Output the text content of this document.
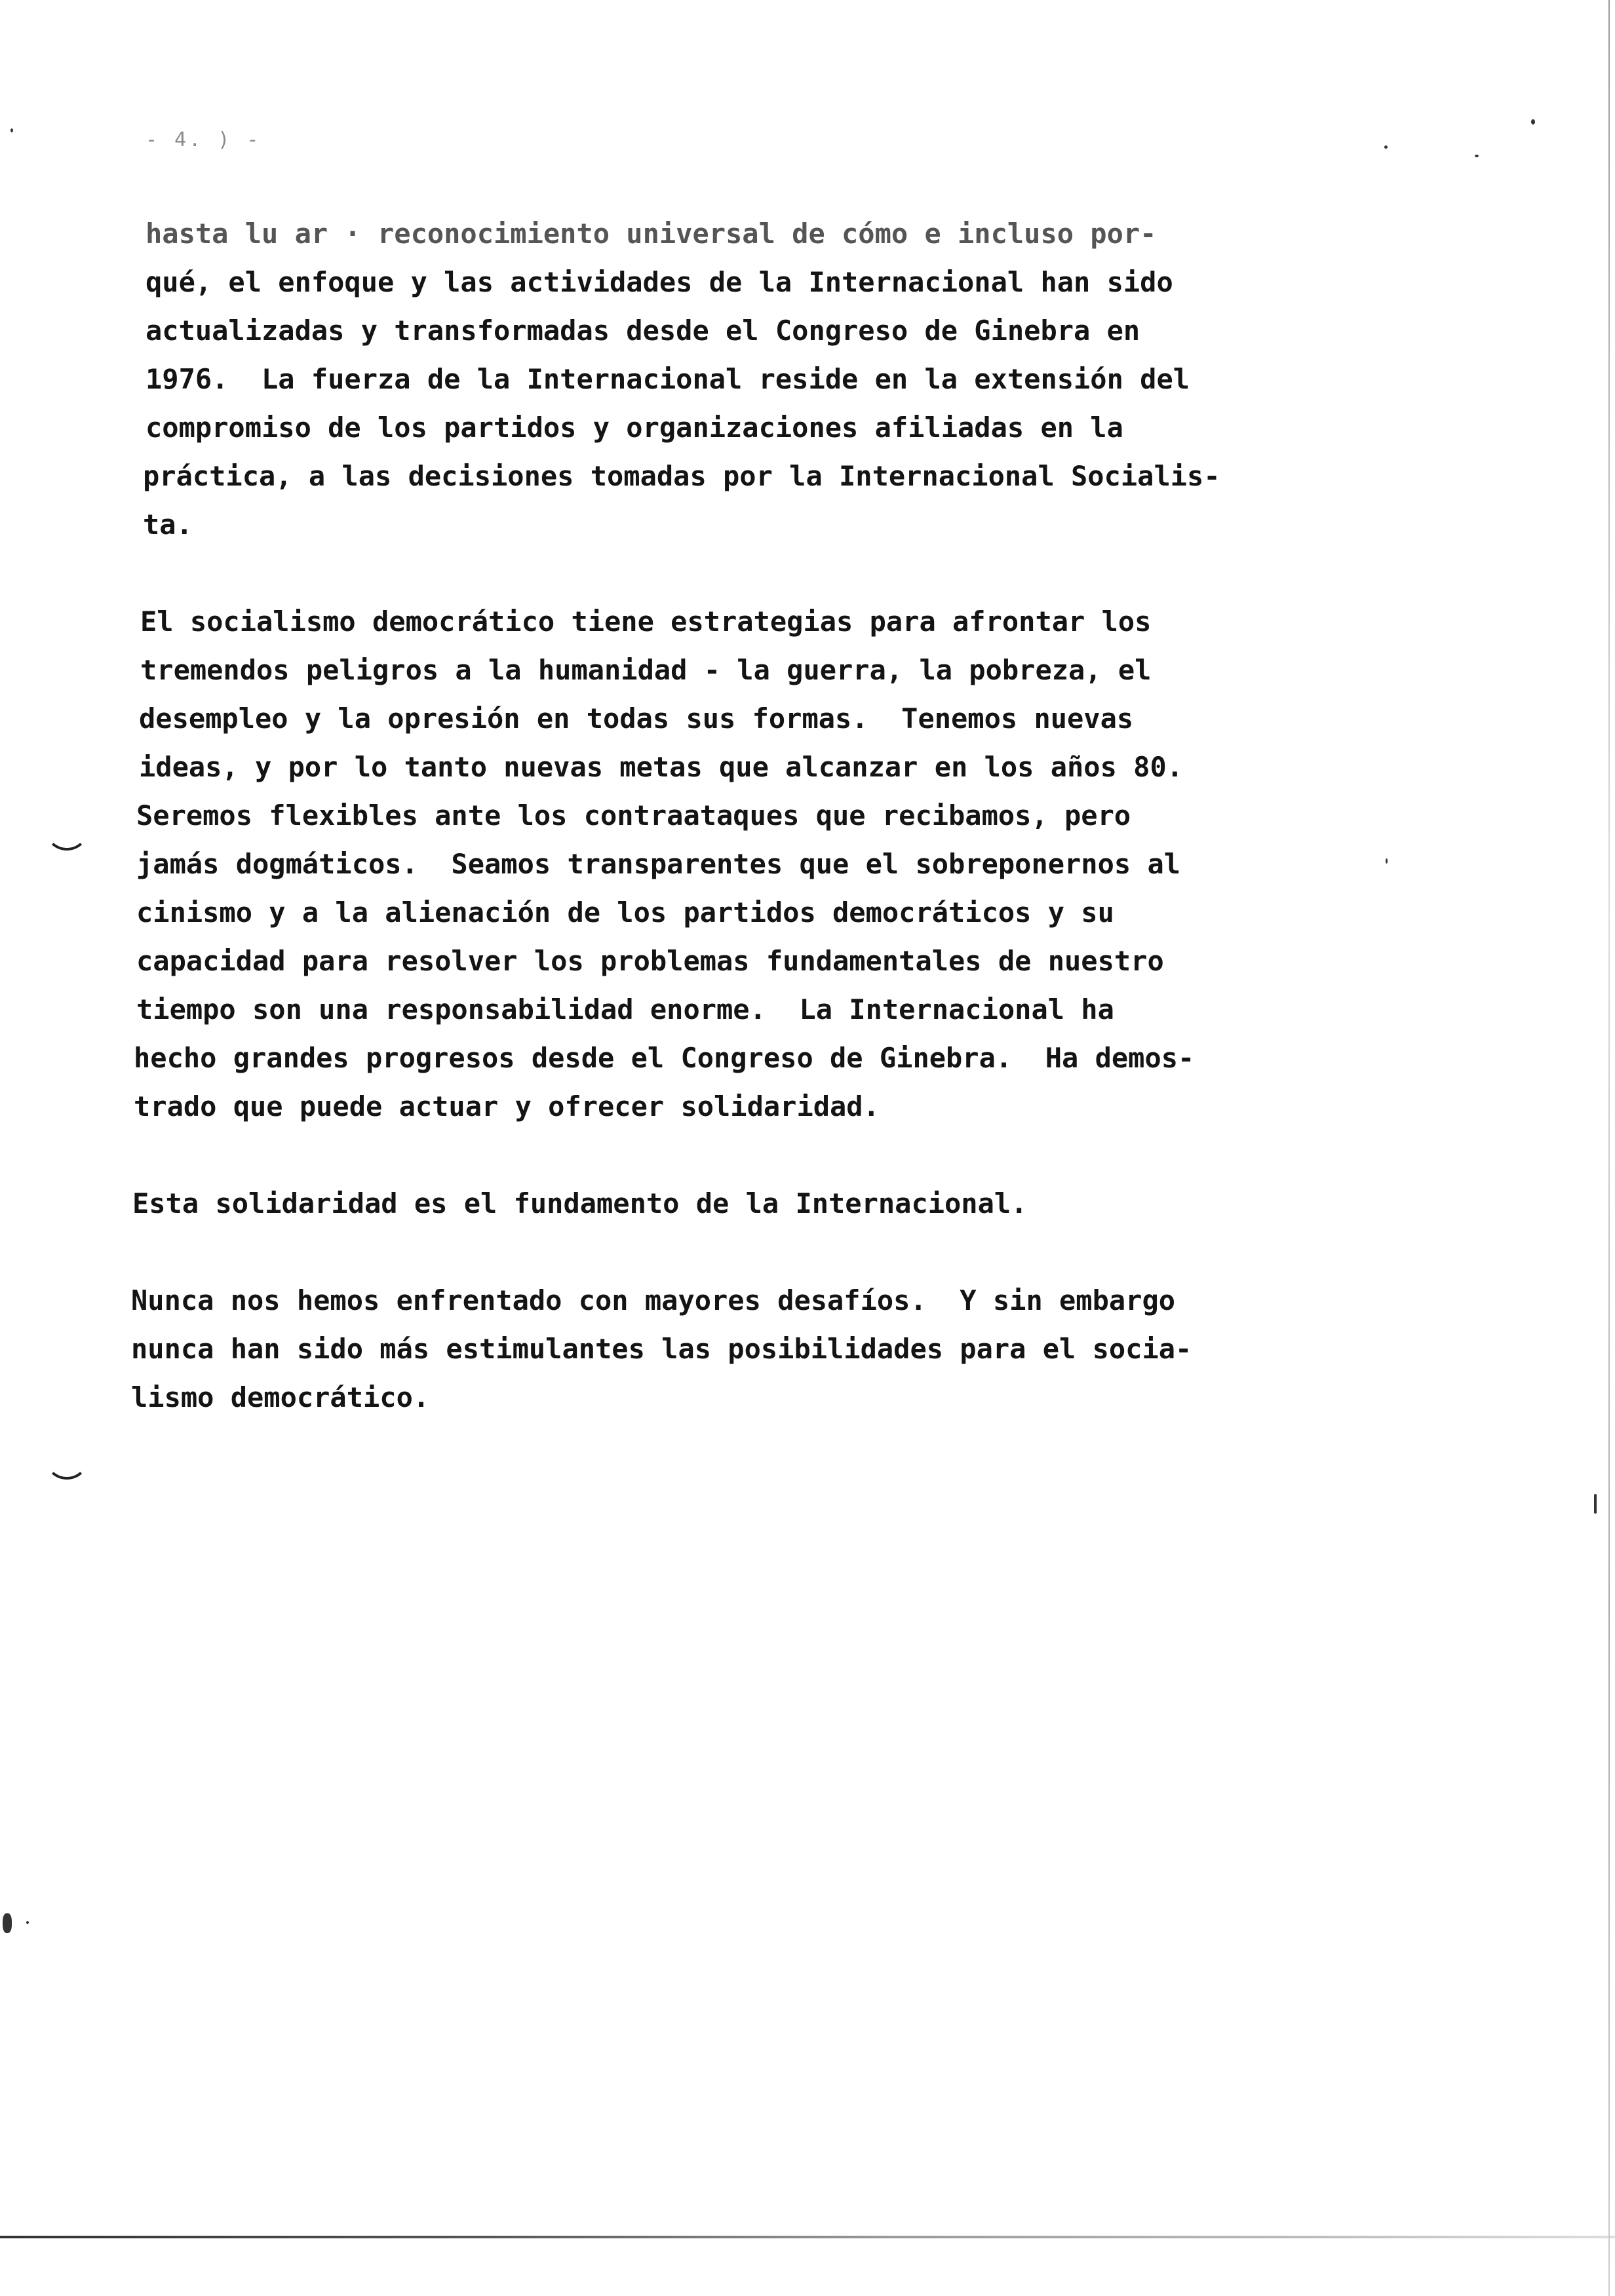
- 4. ) -
hasta lu ar · reconocimiento universal de cómo e incluso por-
qué, el enfoque y las actividades de la Internacional han sido
actualizadas y transformadas desde el Congreso de Ginebra en
1976.  La fuerza de la Internacional reside en la extensión del
compromiso de los partidos y organizaciones afiliadas en la
práctica, a las decisiones tomadas por la Internacional Socialis-
ta.
El socialismo democrático tiene estrategias para afrontar los
tremendos peligros a la humanidad - la guerra, la pobreza, el
desempleo y la opresión en todas sus formas.  Tenemos nuevas
ideas, y por lo tanto nuevas metas que alcanzar en los años 80.
Seremos flexibles ante los contraataques que recibamos, pero
jamás dogmáticos.  Seamos transparentes que el sobreponernos al
cinismo y a la alienación de los partidos democráticos y su
capacidad para resolver los problemas fundamentales de nuestro
tiempo son una responsabilidad enorme.  La Internacional ha
hecho grandes progresos desde el Congreso de Ginebra.  Ha demos-
trado que puede actuar y ofrecer solidaridad.
Esta solidaridad es el fundamento de la Internacional.
Nunca nos hemos enfrentado con mayores desafíos.  Y sin embargo
nunca han sido más estimulantes las posibilidades para el socia-
lismo democrático.
